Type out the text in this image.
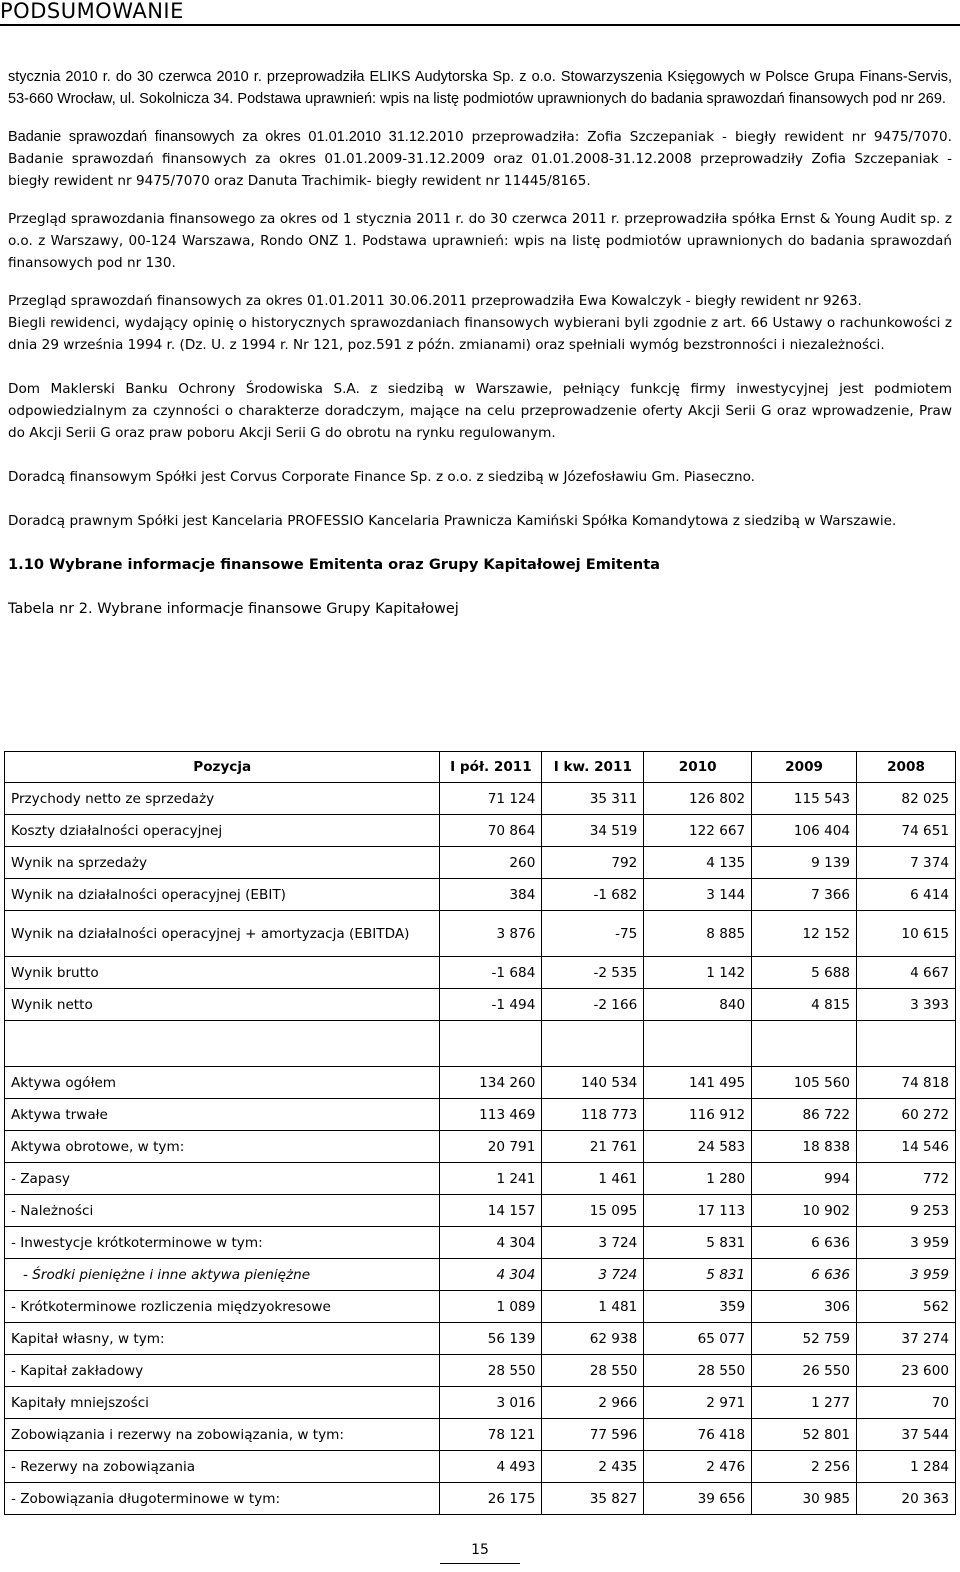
PODSUMOWANIE

stycznia 2010 r. do 30 czerwca 2010 r. przeprowadziła ELIKS Audytorska Sp. z o.o. Stowarzyszenia Księgowych w Polsce Grupa Finans-Servis, 53-660 Wrocław, ul. Sokolnicza 34. Podstawa uprawnień: wpis na listę podmiotów uprawnionych do badania sprawozdań finansowych pod nr 269.

Badanie sprawozdań finansowych za okres 01.01.2010 31.12.2010 przeprowadziła: Zofia Szczepaniak - biegły rewident nr 9475/7070. Badanie sprawozdań finansowych za okres 01.01.2009-31.12.2009 oraz 01.01.2008-31.12.2008 przeprowadziły Zofia Szczepaniak - biegły rewident nr 9475/7070 oraz Danuta Trachimik- biegły rewident nr 11445/8165.

Przegląd sprawozdania finansowego za okres od 1 stycznia 2011 r. do 30 czerwca 2011 r. przeprowadziła spółka Ernst & Young Audit sp. z o.o. z Warszawy, 00-124 Warszawa, Rondo ONZ 1. Podstawa uprawnień: wpis na listę podmiotów uprawnionych do badania sprawozdań finansowych pod nr 130.

Przegląd sprawozdań finansowych za okres 01.01.2011 30.06.2011 przeprowadziła Ewa Kowalczyk - biegły rewident nr 9263.

Biegli rewidenci, wydający opinię o historycznych sprawozdaniach finansowych wybierani byli zgodnie z art. 66 Ustawy o rachunkowości z dnia 29 września 1994 r. (Dz. U. z 1994 r. Nr 121, poz.591 z późn. zmianami) oraz spełniali wymóg bezstronności i niezależności.

Dom Maklerski Banku Ochrony Środowiska S.A. z siedzibą w Warszawie, pełniący funkcję firmy inwestycyjnej jest podmiotem odpowiedzialnym za czynności o charakterze doradczym, mające na celu przeprowadzenie oferty Akcji Serii G oraz wprowadzenie, Praw do Akcji Serii G oraz praw poboru Akcji Serii G do obrotu na rynku regulowanym.

Doradcą finansowym Spółki jest Corvus Corporate Finance Sp. z o.o. z siedzibą w Józefosławiu Gm. Piaseczno.

Doradcą prawnym Spółki jest Kancelaria PROFESSIO Kancelaria Prawnicza Kamiński Spółka Komandytowa z siedzibą w Warszawie.

1.10 Wybrane informacje finansowe Emitenta oraz Grupy Kapitałowej Emitenta

Tabela nr 2. Wybrane informacje finansowe Grupy Kapitałowej

Pozycja	I pół. 2011	I kw. 2011	2010	2009	2008
Przychody netto ze sprzedaży	71 124	35 311	126 802	115 543	82 025
Koszty działalności operacyjnej	70 864	34 519	122 667	106 404	74 651
Wynik na sprzedaży	260	792	4 135	9 139	7 374
Wynik na działalności operacyjnej (EBIT)	384	-1 682	3 144	7 366	6 414
Wynik na działalności operacyjnej + amortyzacja (EBITDA)	3 876	-75	8 885	12 152	10 615
Wynik brutto	-1 684	-2 535	1 142	5 688	4 667
Wynik netto	-1 494	-2 166	840	4 815	3 393

Aktywa ogółem	134 260	140 534	141 495	105 560	74 818
Aktywa trwałe	113 469	118 773	116 912	86 722	60 272
Aktywa obrotowe, w tym:	20 791	21 761	24 583	18 838	14 546
- Zapasy	1 241	1 461	1 280	994	772
- Należności	14 157	15 095	17 113	10 902	9 253
- Inwestycje krótkoterminowe w tym:	4 304	3 724	5 831	6 636	3 959
- Środki pieniężne i inne aktywa pieniężne	4 304	3 724	5 831	6 636	3 959
- Krótkoterminowe rozliczenia międzyokresowe	1 089	1 481	359	306	562
Kapitał własny, w tym:	56 139	62 938	65 077	52 759	37 274
- Kapitał zakładowy	28 550	28 550	28 550	26 550	23 600
Kapitały mniejszości	3 016	2 966	2 971	1 277	70
Zobowiązania i rezerwy na zobowiązania, w tym:	78 121	77 596	76 418	52 801	37 544
- Rezerwy na zobowiązania	4 493	2 435	2 476	2 256	1 284
- Zobowiązania długoterminowe w tym:	26 175	35 827	39 656	30 985	20 363
15
